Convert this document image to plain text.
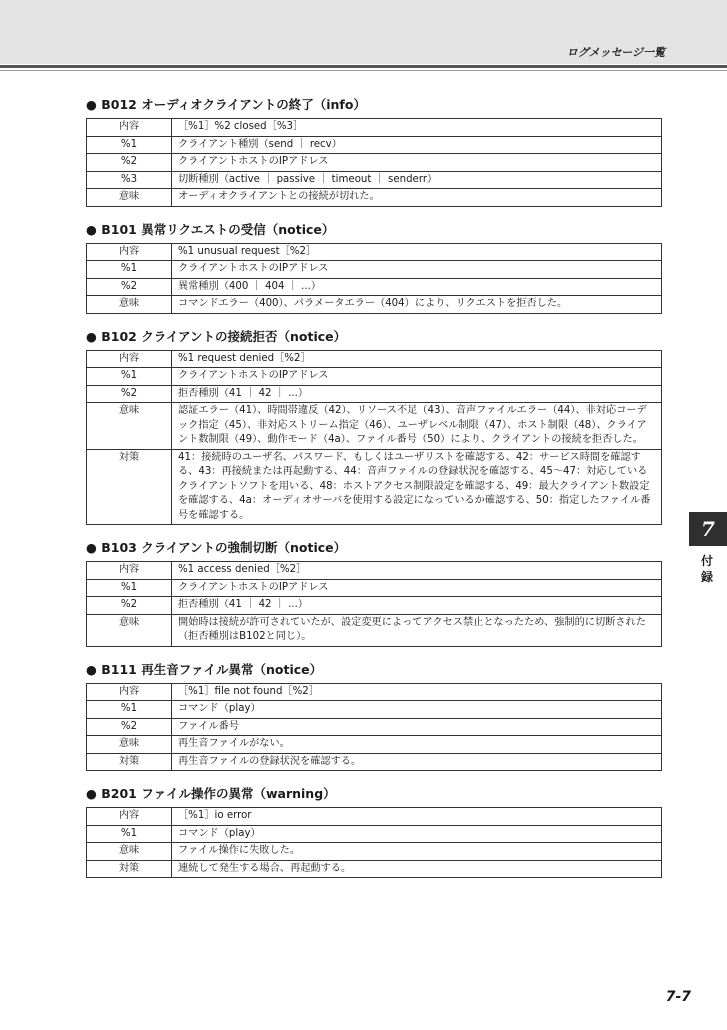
ログメッセージ一覧
● B012 オーディオクライアントの終了（info）
内容	［%1］%2 closed［%3］
%1	クライアント種別（send ｜ recv）
%2	クライアントホストのIPアドレス
%3	切断種別（active ｜ passive ｜ timeout ｜ senderr）
意味	オーディオクライアントとの接続が切れた。
● B101 異常リクエストの受信（notice）
内容	%1 unusual request［%2］
%1	クライアントホストのIPアドレス
%2	異常種別（400 ｜ 404 ｜ ...）
意味	コマンドエラー（400）、パラメータエラー（404）により、リクエストを拒否した。
● B102 クライアントの接続拒否（notice）
内容	%1 request denied［%2］
%1	クライアントホストのIPアドレス
%2	拒否種別（41 ｜ 42 ｜ ...）
意味	認証エラー（41）、時間帯違反（42）、リソース不足（43）、音声ファイルエラー（44）、非対応コーデック指定（45）、非対応ストリーム指定（46）、ユーザレベル制限（47）、ホスト制限（48）、クライアント数制限（49）、動作モード（4a）、ファイル番号（50）により、クライアントの接続を拒否した。
対策	41：接続時のユーザ名、パスワード、もしくはユーザリストを確認する、42：サービス時間を確認する、43：再接続または再起動する、44：音声ファイルの登録状況を確認する、45～47：対応しているクライアントソフトを用いる、48：ホストアクセス制限設定を確認する、49：最大クライアント数設定を確認する、4a：オーディオサーバを使用する設定になっているか確認する、50：指定したファイル番号を確認する。
● B103 クライアントの強制切断（notice）
内容	%1 access denied［%2］
%1	クライアントホストのIPアドレス
%2	拒否種別（41 ｜ 42 ｜ ...）
意味	開始時は接続が許可されていたが、設定変更によってアクセス禁止となったため、強制的に切断された（拒否種別はB102と同じ）。
● B111 再生音ファイル異常（notice）
内容	［%1］file not found［%2］
%1	コマンド（play）
%2	ファイル番号
意味	再生音ファイルがない。
対策	再生音ファイルの登録状況を確認する。
● B201 ファイル操作の異常（warning）
内容	［%1］io error
%1	コマンド（play）
意味	ファイル操作に失敗した。
対策	連続して発生する場合、再起動する。
7
付録
7-7
